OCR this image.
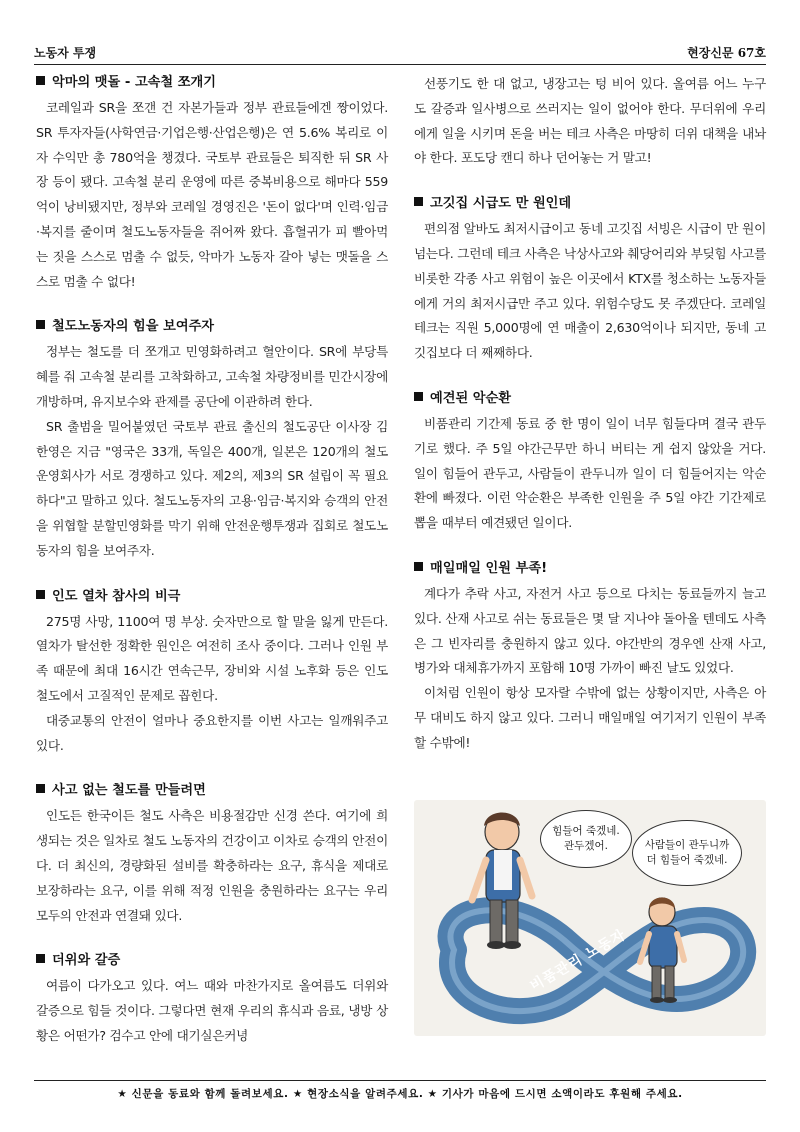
노동자 투쟁	현장신문 67호
악마의 맷돌 - 고속철 쪼개기

코레일과 SR을 쪼갠 건 자본가들과 정부 관료들에겐 짱이었다. SR 투자자들(사학연금·기업은행·산업은행)은 연 5.6% 복리로 이자 수익만 총 780억을 챙겼다. 국토부 관료들은 퇴직한 뒤 SR 사장 등이 됐다. 고속철 분리 운영에 따른 중복비용으로 해마다 559억이 낭비됐지만, 정부와 코레일 경영진은 '돈이 없다'며 인력·임금·복지를 줄이며 철도노동자들을 쥐어짜 왔다. 흡혈귀가 피 빨아먹는 짓을 스스로 멈출 수 없듯, 악마가 노동자 갈아 넣는 맷돌을 스스로 멈출 수 없다!

철도노동자의 힘을 보여주자

정부는 철도를 더 쪼개고 민영화하려고 혈안이다. SR에 부당특혜를 줘 고속철 분리를 고착화하고, 고속철 차량정비를 민간시장에 개방하며, 유지보수와 관제를 공단에 이관하려 한다.

SR 출범을 밀어붙였던 국토부 관료 출신의 철도공단 이사장 김한영은 지금 "영국은 33개, 독일은 400개, 일본은 120개의 철도 운영회사가 서로 경쟁하고 있다. 제2의, 제3의 SR 설립이 꼭 필요하다"고 말하고 있다. 철도노동자의 고용·임금·복지와 승객의 안전을 위협할 분할민영화를 막기 위해 안전운행투쟁과 집회로 철도노동자의 힘을 보여주자.

인도 열차 참사의 비극

275명 사망, 1100여 명 부상. 숫자만으로 할 말을 잃게 만든다. 열차가 탈선한 정확한 원인은 여전히 조사 중이다. 그러나 인원 부족 때문에 최대 16시간 연속근무, 장비와 시설 노후화 등은 인도 철도에서 고질적인 문제로 꼽힌다.

대중교통의 안전이 얼마나 중요한지를 이번 사고는 일깨워주고 있다.

사고 없는 철도를 만들려면

인도든 한국이든 철도 사측은 비용절감만 신경 쓴다. 여기에 희생되는 것은 일차로 철도 노동자의 건강이고 이차로 승객의 안전이다. 더 최신의, 경량화된 설비를 확충하라는 요구, 휴식을 제대로 보장하라는 요구, 이를 위해 적정 인원을 충원하라는 요구는 우리 모두의 안전과 연결돼 있다.

더위와 갈증

여름이 다가오고 있다. 여느 때와 마찬가지로 올여름도 더위와 갈증으로 힘들 것이다. 그렇다면 현재 우리의 휴식과 음료, 냉방 상황은 어떤가? 검수고 안에 대기실은커녕

선풍기도 한 대 없고, 냉장고는 텅 비어 있다. 올여름 어느 누구도 갈증과 일사병으로 쓰러지는 일이 없어야 한다. 무더위에 우리에게 일을 시키며 돈을 버는 테크 사측은 마땅히 더위 대책을 내놔야 한다. 포도당 캔디 하나 던어놓는 거 말고!

고깃집 시급도 만 원인데

편의점 알바도 최저시급이고 동네 고깃집 서빙은 시급이 만 원이 넘는다. 그런데 테크 사측은 낙상사고와 췌당어리와 부딪힘 사고를 비롯한 각종 사고 위험이 높은 이곳에서 KTX를 청소하는 노동자들에게 거의 최저시급만 주고 있다. 위험수당도 못 주겠단다. 코레일 테크는 직원 5,000명에 연 매출이 2,630억이나 되지만, 동네 고깃집보다 더 째째하다.

예견된 악순환

비품관리 기간제 동료 중 한 명이 일이 너무 힘들다며 결국 관두기로 했다. 주 5일 야간근무만 하니 버티는 게 쉽지 않았을 거다. 일이 힘들어 관두고, 사람들이 관두니까 일이 더 힘들어지는 악순환에 빠졌다. 이런 악순환은 부족한 인원을 주 5일 야간 기간제로 뽑을 때부터 예견됐던 일이다.

매일매일 인원 부족!

계다가 추락 사고, 자전거 사고 등으로 다치는 동료들까지 늘고 있다. 산재 사고로 쉬는 동료들은 몇 달 지나야 돌아올 텐데도 사측은 그 빈자리를 충원하지 않고 있다. 야간반의 경우엔 산재 사고, 병가와 대체휴가까지 포함해 10명 가까이 빠진 날도 있었다.

이처럼 인원이 항상 모자랄 수밖에 없는 상황이지만, 사측은 아무 대비도 하지 않고 있다. 그러니 매일매일 여기저기 인원이 부족할 수밖에!

힘들어 죽겠네.
관두겠어.	사람들이 관두니까
더 힘들어 죽겠네.
비품관리 노동자
★ 신문을 동료와 함께 돌려보세요. ★ 현장소식을 알려주세요. ★ 기사가 마음에 드시면 소액이라도 후원해 주세요.
